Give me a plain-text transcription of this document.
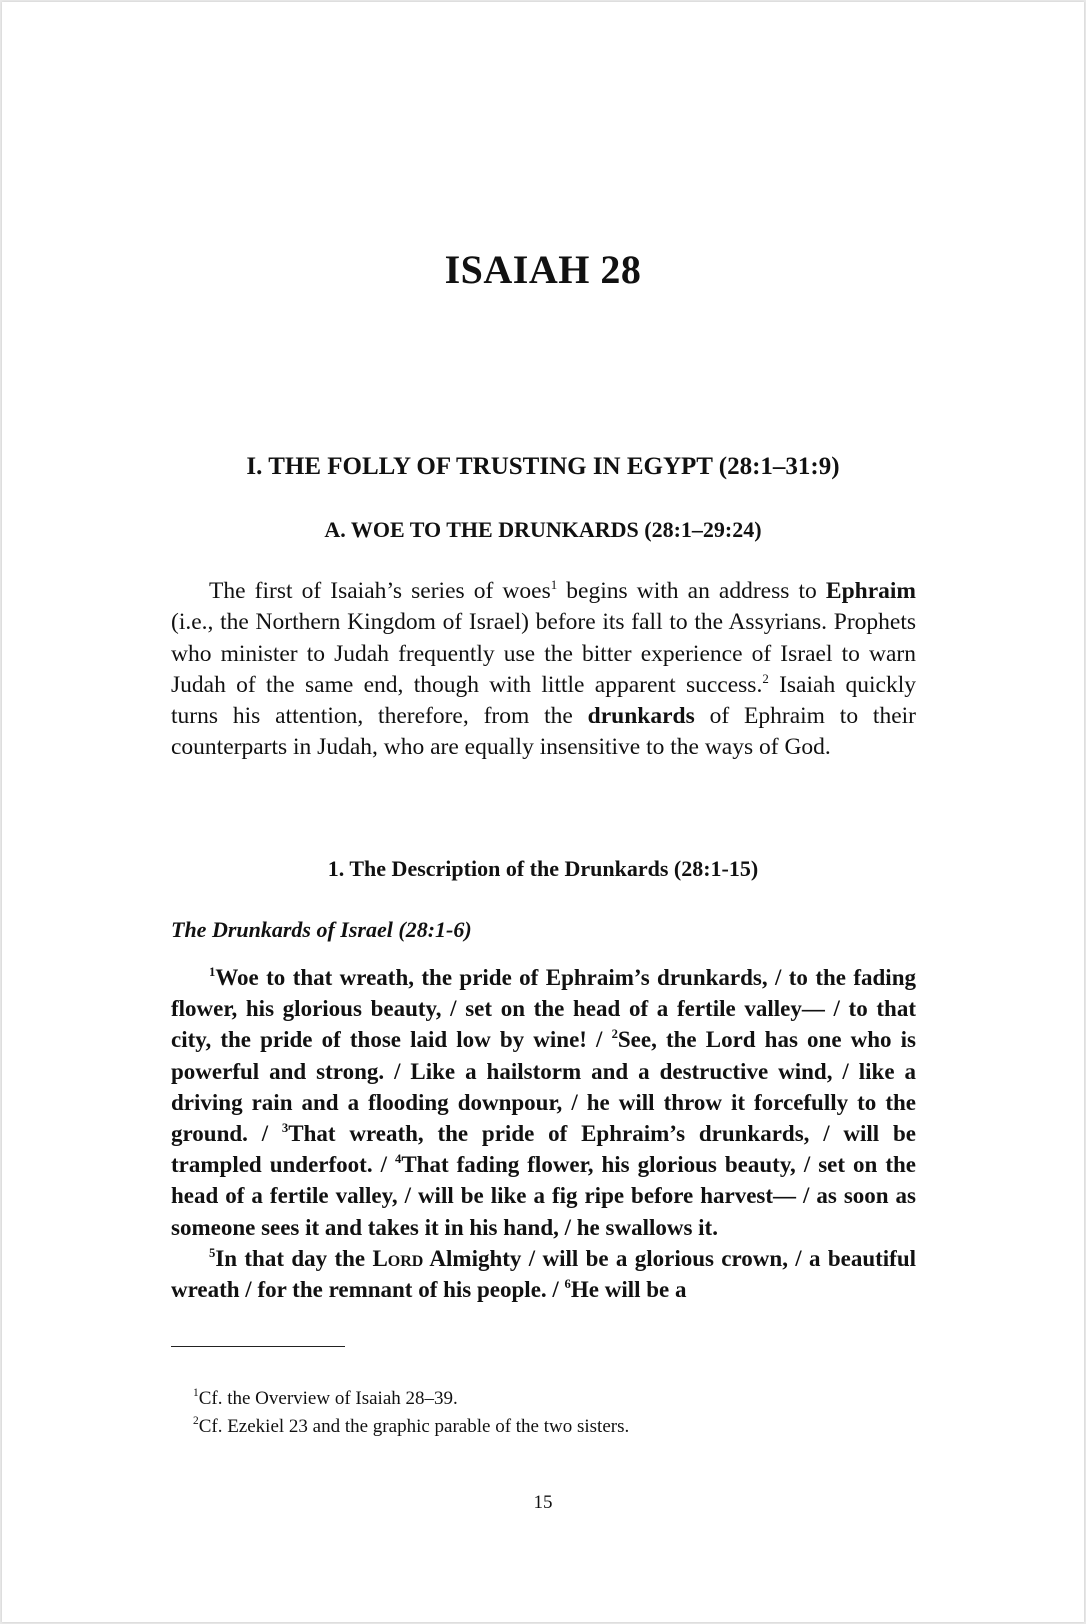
ISAIAH 28
I. THE FOLLY OF TRUSTING IN EGYPT (28:1–31:9)
A. WOE TO THE DRUNKARDS (28:1–29:24)

The first of Isaiah’s series of woes$^1$ begins with an address to Ephraim (i.e., the Northern Kingdom of Israel) before its fall to the Assyrians. Prophets who minister to Judah frequently use the bitter experience of Israel to warn Judah of the same end, though with little apparent success.$^2$ Isaiah quickly turns his attention, therefore, from the drunkards of Ephraim to their counterparts in Judah, who are equally insensitive to the ways of God.

1. The Description of the Drunkards (28:1-15)
The Drunkards of Israel (28:1-6)

$^1$Woe to that wreath, the pride of Ephraim’s drunkards, / to the fading flower, his glorious beauty, / set on the head of a fertile valley— / to that city, the pride of those laid low by wine! / $^2$See, the Lord has one who is powerful and strong. / Like a hailstorm and a destructive wind, / like a driving rain and a flooding downpour, / he will throw it forcefully to the ground. / $^3$That wreath, the pride of Ephraim’s drunkards, / will be trampled underfoot. / $^4$That fading flower, his glorious beauty, / set on the head of a fertile valley, / will be like a fig ripe before harvest— / as soon as someone sees it and takes it in his hand, / he swallows it.

$^5$In that day the Lord Almighty / will be a glorious crown, / a beautiful wreath / for the remnant of his people. / $^6$He will be a

$^1$Cf. the Overview of Isaiah 28–39.
$^2$Cf. Ezekiel 23 and the graphic parable of the two sisters.
15
